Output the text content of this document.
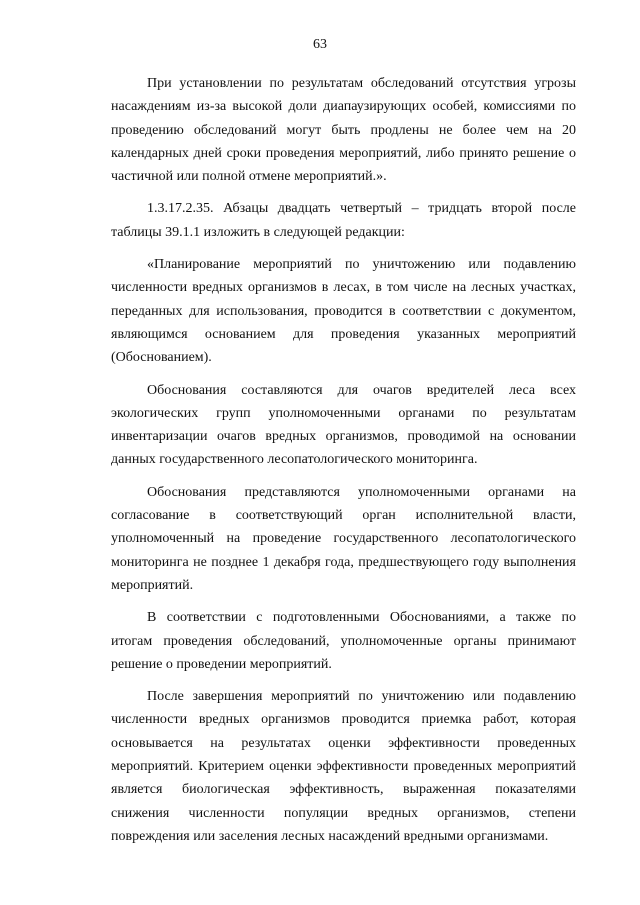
63
При установлении по результатам обследований отсутствия угрозы
насаждениям из-за высокой доли диапаузирующих особей, комиссиями по
проведению обследований могут быть продлены не более чем на 20
календарных дней сроки проведения мероприятий, либо принято решение о
частичной или полной отмене мероприятий.».
1.3.17.2.35. Абзацы двадцать четвертый – тридцать второй после
таблицы 39.1.1 изложить в следующей редакции:
«Планирование мероприятий по уничтожению или подавлению
численности вредных организмов в лесах, в том числе на лесных участках,
переданных для использования, проводится в соответствии с документом,
являющимся основанием для проведения указанных мероприятий
(Обоснованием).
Обоснования составляются для очагов вредителей леса всех
экологических групп уполномоченными органами по результатам
инвентаризации очагов вредных организмов, проводимой на основании
данных государственного лесопатологического мониторинга.
Обоснования представляются уполномоченными органами на
согласование в соответствующий орган исполнительной власти,
уполномоченный на проведение государственного лесопатологического
мониторинга не позднее 1 декабря года, предшествующего году выполнения
мероприятий.
В соответствии с подготовленными Обоснованиями, а также по
итогам проведения обследований, уполномоченные органы принимают
решение о проведении мероприятий.
После завершения мероприятий по уничтожению или подавлению
численности вредных организмов проводится приемка работ, которая
основывается на результатах оценки эффективности проведенных
мероприятий. Критерием оценки эффективности проведенных мероприятий
является биологическая эффективность, выраженная показателями
снижения численности популяции вредных организмов, степени
повреждения или заселения лесных насаждений вредными организмами.
